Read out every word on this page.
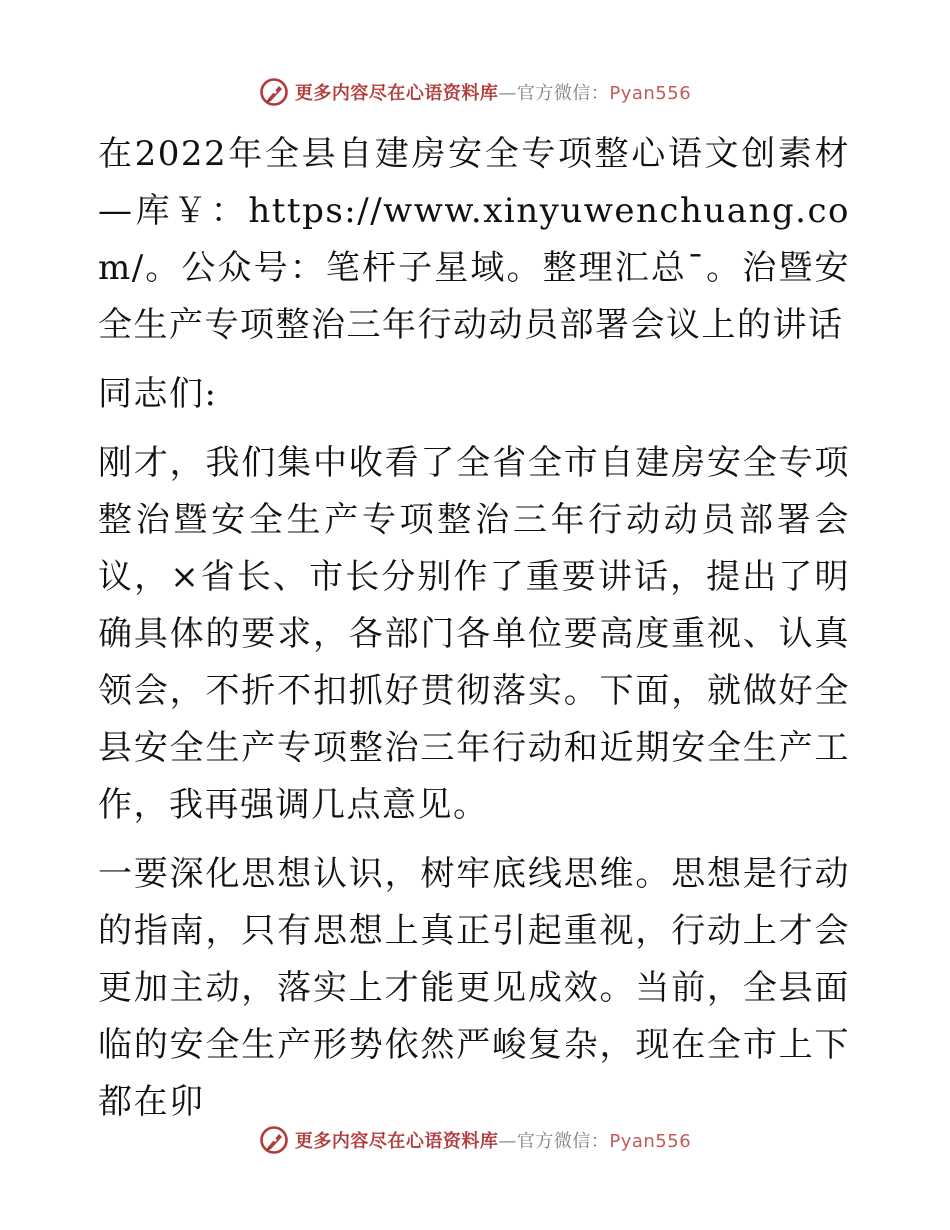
更多内容尽在心语资料库—官方微信：Pyan556

在2022年全县自建房安全专项整心语文创素材—库￥：https://www.xinyuwenchuang.com/。公众号：笔杆子星域。整理汇总¯。治暨安全生产专项整治三年行动动员部署会议上的讲话

同志们:

刚才，我们集中收看了全省全市自建房安全专项整治暨安全生产专项整治三年行动动员部署会议，×省长、市长分别作了重要讲话，提出了明确具体的要求，各部门各单位要高度重视、认真领会，不折不扣抓好贯彻落实。下面，就做好全县安全生产专项整治三年行动和近期安全生产工作，我再强调几点意见。

一要深化思想认识，树牢底线思维。思想是行动的指南，只有思想上真正引起重视，行动上才会更加主动，落实上才能更见成效。当前，全县面临的安全生产形势依然严峻复杂，现在全市上下都在卯

更多内容尽在心语资料库—官方微信：Pyan556
